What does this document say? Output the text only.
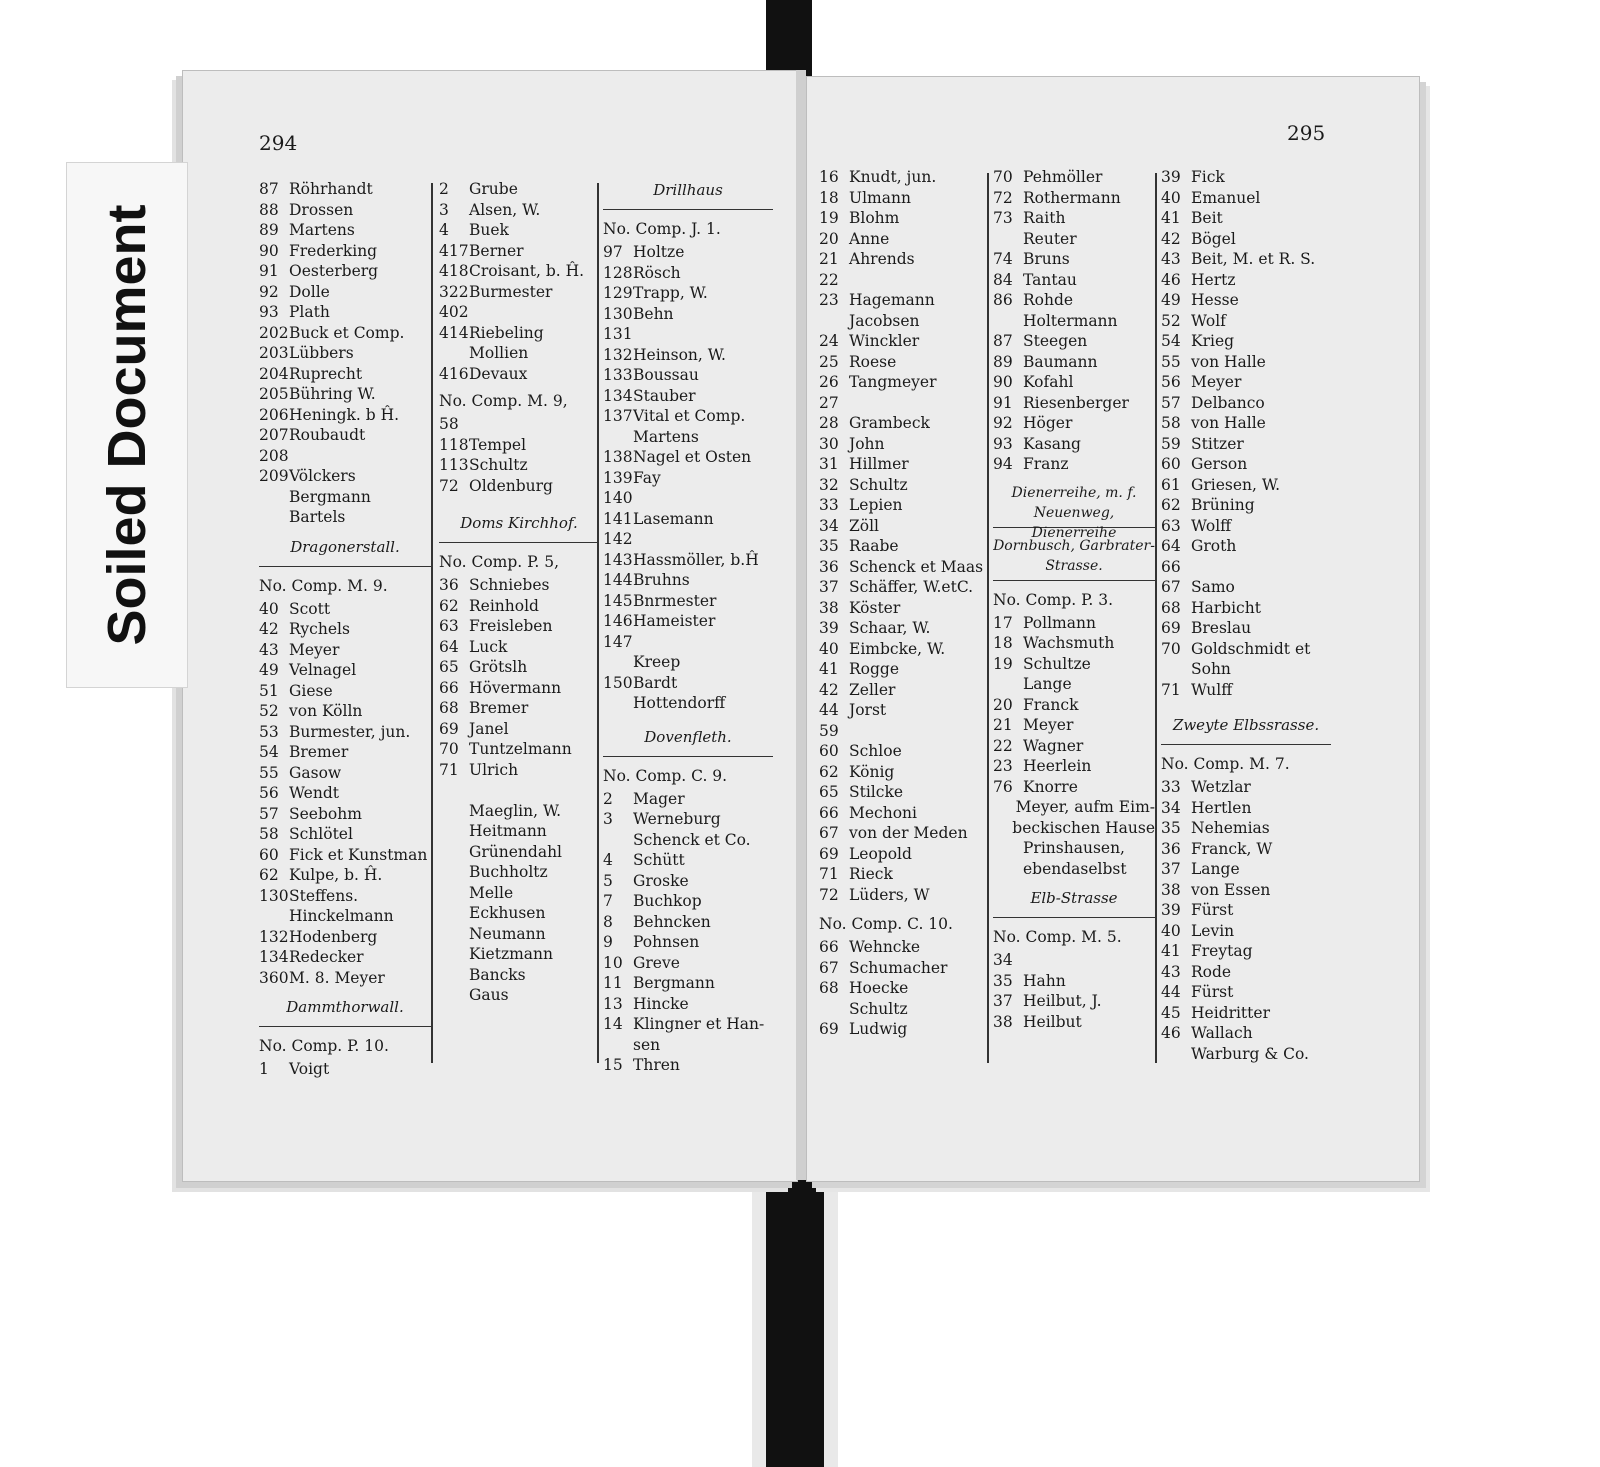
294
87 Röhrhandt
88 Drossen
89 Martens
90 Frederking
91 Oesterberg
92 Dolle
93 Plath
202 Buck et Comp.
203 Lübbers
204 Ruprecht
205 Bühring W.
206 Heningk. b Ĥ.
207 Roubaudt
208
209 Völckers
Bergmann
Bartels
Dragonerstall.
No. Comp. M. 9.
40 Scott
42 Rychels
43 Meyer
49 Velnagel
51 Giese
52 von Kölln
53 Burmester, jun.
54 Bremer
55 Gasow
56 Wendt
57 Seebohm
58 Schlötel
60 Fick et Kunstman
62 Kulpe, b. Ĥ.
130 Steffens.
Hinckelmann
132 Hodenberg
134 Redecker
360 M. 8. Meyer
Dammthorwall.
No. Comp. P. 10.
1	Voigt
2	Grube
3	Alsen, W.
4	Buek
417 Berner
418 Croisant, b. Ĥ.
322 Burmester
402
414 Riebeling
Mollien
416 Devaux
No. Comp. M. 9,
58
118 Tempel
113 Schultz
72 Oldenburg
Doms Kirchhof.
No. Comp. P. 5,
36 Schniebes
62 Reinhold
63 Freisleben
64 Luck
65 Grötslh
66 Hövermann
68 Bremer
69 Janel
70 Tuntzelmann
71 Ulrich
Maeglin, W.
Heitmann
Grünendahl
Buchholtz
Melle
Eckhusen
Neumann
Kietzmann
Bancks
Gaus
Drillhaus
No. Comp. J. 1.
97 Holtze
128 Rösch
129 Trapp, W.
130 Behn
131
132 Heinson, W.
133 Boussau
134 Stauber
137 Vital et Comp.
Martens
138 Nagel et Osten
139 Fay
140
141 Lasemann
142
143 Hassmöller, b.Ĥ
144 Bruhns
145 Bnrmester
146 Hameister
147
Kreep
150 Bardt
Hottendorff
Dovenfleth.
No. Comp. C. 9.
2	Mager
3	Werneburg
Schenck et Co.
4	Schütt
5	Groske
7	Buchkop
8	Behncken
9	Pohnsen
10 Greve
11 Bergmann
13 Hincke
14 Klingner et Han-
sen
15 Thren
295
16 Knudt, jun.
18 Ulmann
19 Blohm
20 Anne
21 Ahrends
22
23 Hagemann
Jacobsen
24 Winckler
25 Roese
26 Tangmeyer
27
28 Grambeck
30 John
31 Hillmer
32 Schultz
33 Lepien
34 Zöll
35 Raabe
36 Schenck et Maas
37 Schäffer, W.etC.
38 Köster
39 Schaar, W.
40 Eimbcke, W.
41 Rogge
42 Zeller
44 Jorst
59
60 Schloe
62 König
65 Stilcke
66 Mechoni
67 von der Meden
69 Leopold
71 Rieck
72 Lüders, W
No. Comp. C. 10.
66 Wehncke
67 Schumacher
68 Hoecke
Schultz
69 Ludwig
70 Pehmöller
72 Rothermann
73 Raith
Reuter
74 Bruns
84 Tantau
86 Rohde
Holtermann
87 Steegen
89 Baumann
90 Kofahl
91 Riesenberger
92 Höger
93 Kasang
94 Franz
Dienerreihe, m. f.
Neuenweg, Dienerreihe
Dornbusch, Garbrater-
Strasse.
No. Comp. P. 3.
17 Pollmann
18 Wachsmuth
19 Schultze
Lange
20 Franck
21 Meyer
22 Wagner
23 Heerlein
76 Knorre
Meyer, aufm Eim-
beckischen Hause
Prinshausen,
ebendaselbst
Elb-Strasse
No. Comp. M. 5.
34
35 Hahn
37 Heilbut, J.
38 Heilbut
39 Fick
40 Emanuel
41 Beit
42 Bögel
43 Beit, M. et R. S.
46 Hertz
49 Hesse
52 Wolf
54 Krieg
55 von Halle
56 Meyer
57 Delbanco
58 von Halle
59 Stitzer
60 Gerson
61 Griesen, W.
62 Brüning
63 Wolff
64 Groth
66
67 Samo
68 Harbicht
69 Breslau
70 Goldschmidt et
Sohn
71 Wulff
Zweyte Elbssrasse.
No. Comp. M. 7.
33 Wetzlar
34 Hertlen
35 Nehemias
36 Franck, W
37 Lange
38 von Essen
39 Fürst
40 Levin
41 Freytag
43 Rode
44 Fürst
45 Heidritter
46 Wallach
Warburg & Co.
Soiled Document
